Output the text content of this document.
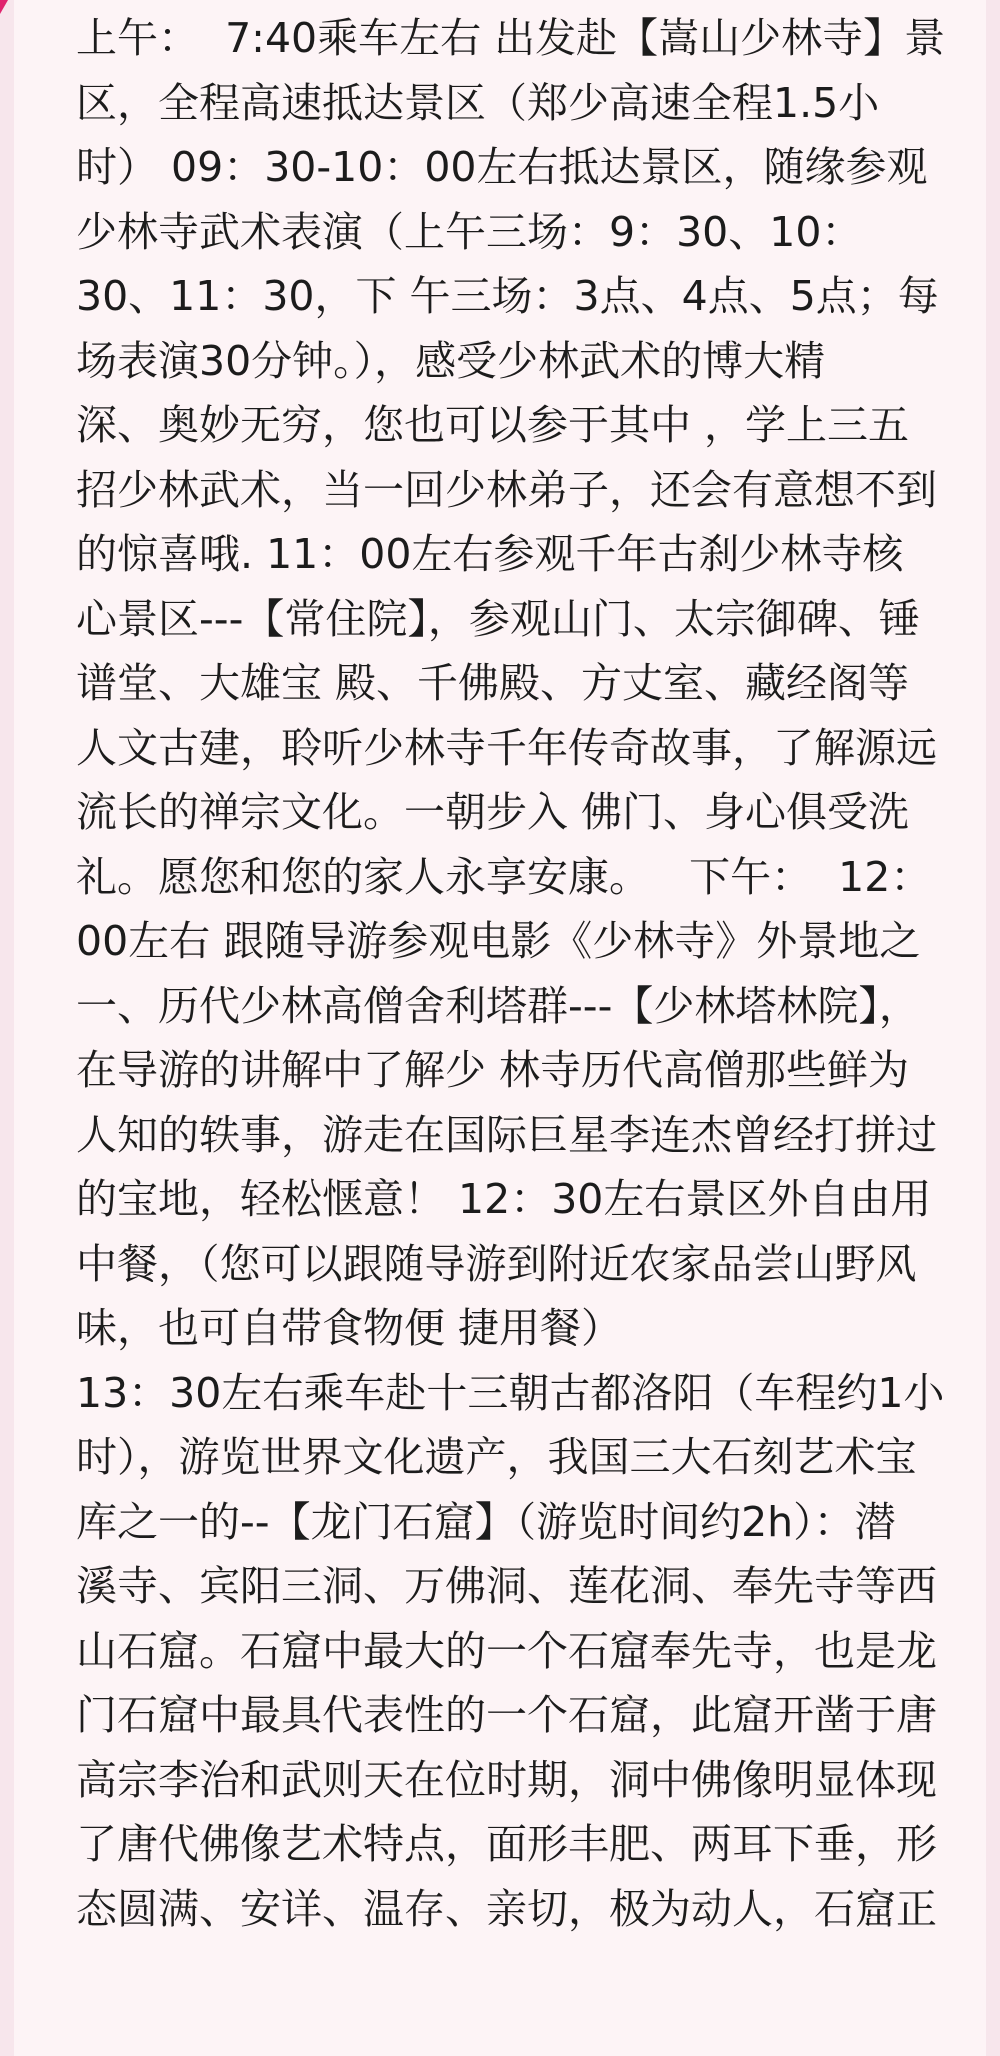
上午：  7:40乘车左右 出发赴【嵩山少林寺】景
区，全程高速抵达景区（郑少高速全程1.5小
时） 09：30-10：00左右抵达景区，随缘参观
少林寺武术表演（上午三场：9：30、10：
30、11：30，下 午三场：3点、4点、5点；每
场表演30分钟。），感受少林武术的博大精
深、奥妙无穷，您也可以参于其中 ，学上三五
招少林武术，当一回少林弟子，还会有意想不到
的惊喜哦. 11：00左右参观千年古刹少林寺核
心景区---【常住院】，参观山门、太宗御碑、锤
谱堂、大雄宝 殿、千佛殿、方丈室、藏经阁等
人文古建，聆听少林寺千年传奇故事，了解源远
流长的禅宗文化。一朝步入 佛门、身心俱受洗
礼。愿您和您的家人永享安康。   下午：  12：
00左右 跟随导游参观电影《少林寺》外景地之
一、历代少林高僧舍利塔群---【少林塔林院】，
在导游的讲解中了解少 林寺历代高僧那些鲜为
人知的轶事，游走在国际巨星李连杰曾经打拼过
的宝地，轻松惬意！ 12：30左右景区外自由用
中餐，（您可以跟随导游到附近农家品尝山野风
味，也可自带食物便 捷用餐）
13：30左右乘车赴十三朝古都洛阳（车程约1小
时），游览世界文化遗产，我国三大石刻艺术宝
库之一的--【龙门石窟】（游览时间约2h）：潜
溪寺、宾阳三洞、万佛洞、莲花洞、奉先寺等西
山石窟。石窟中最大的一个石窟奉先寺，也是龙
门石窟中最具代表性的一个石窟，此窟开凿于唐
高宗李治和武则天在位时期，洞中佛像明显体现
了唐代佛像艺术特点，面形丰肥、两耳下垂，形
态圆满、安详、温存、亲切，极为动人，石窟正
